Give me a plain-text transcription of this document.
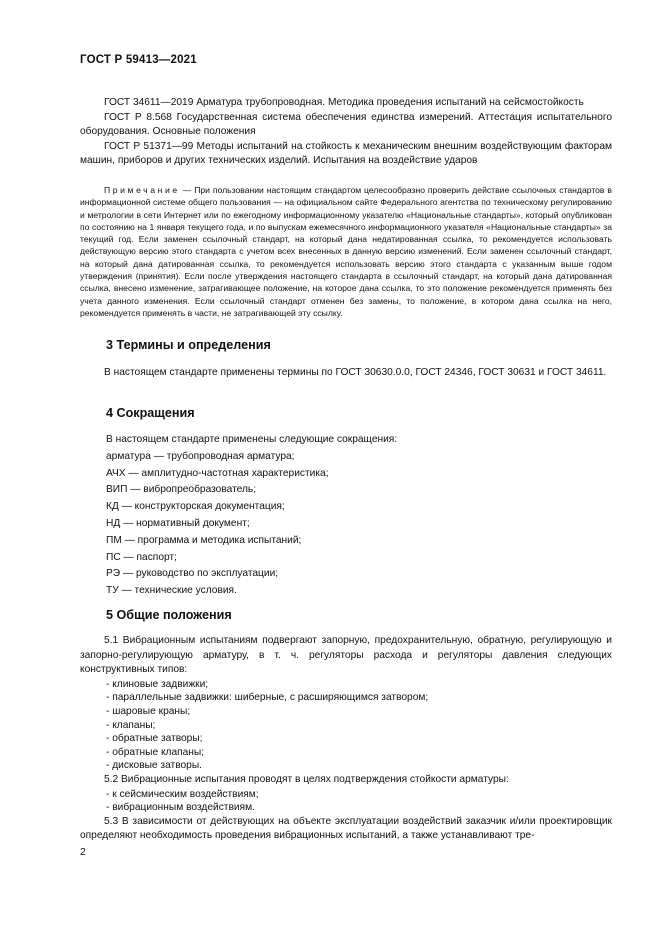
ГОСТ Р 59413—2021

ГОСТ 34611—2019 Арматура трубопроводная. Методика проведения испытаний на сейсмостойкость

ГОСТ Р 8.568 Государственная система обеспечения единства измерений. Аттестация испытательного оборудования. Основные положения

ГОСТ Р 51371—99 Методы испытаний на стойкость к механическим внешним воздействующим факторам машин, приборов и других технических изделий. Испытания на воздействие ударов

Примечание — При пользовании настоящим стандартом целесообразно проверить действие ссылочных стандартов в информационной системе общего пользования — на официальном сайте Федерального агентства по техническому регулированию и метрологии в сети Интернет или по ежегодному информационному указателю «Национальные стандарты», который опубликован по состоянию на 1 января текущего года, и по выпускам ежемесячного информационного указателя «Национальные стандарты» за текущий год. Если заменен ссылочный стандарт, на который дана недатированная ссылка, то рекомендуется использовать действующую версию этого стандарта с учетом всех внесенных в данную версию изменений. Если заменен ссылочный стандарт, на который дана датированная ссылка, то рекомендуется использовать версию этого стандарта с указанным выше годом утверждения (принятия). Если после утверждения настоящего стандарта в ссылочный стандарт, на который дана датированная ссылка, внесено изменение, затрагивающее положение, на которое дана ссылка, то это положение рекомендуется применять без учета данного изменения. Если ссылочный стандарт отменен без замены, то положение, в котором дана ссылка на него, рекомендуется применять в части, не затрагивающей эту ссылку.

3 Термины и определения

В настоящем стандарте применены термины по ГОСТ 30630.0.0, ГОСТ 24346, ГОСТ 30631 и ГОСТ 34611.

4 Сокращения

В настоящем стандарте применены следующие сокращения:

арматура — трубопроводная арматура;

АЧХ — амплитудно-частотная характеристика;

ВИП — вибропреобразователь;

КД — конструкторская документация;

НД — нормативный документ;

ПМ — программа и методика испытаний;

ПС — паспорт;

РЭ — руководство по эксплуатации;

ТУ — технические условия.

5 Общие положения

5.1 Вибрационным испытаниям подвергают запорную, предохранительную, обратную, регулирующую и запорно-регулирующую арматуру, в т. ч. регуляторы расхода и регуляторы давления следующих конструктивных типов:

- клиновые задвижки;

- параллельные задвижки: шиберные, с расширяющимся затвором;

- шаровые краны;

- клапаны;

- обратные затворы;

- обратные клапаны;

- дисковые затворы.

5.2 Вибрационные испытания проводят в целях подтверждения стойкости арматуры:

- к сейсмическим воздействиям;

- вибрационным воздействиям.

5.3 В зависимости от действующих на объекте эксплуатации воздействий заказчик и/или проектировщик определяют необходимость проведения вибрационных испытаний, а также устанавливают тре-

2
